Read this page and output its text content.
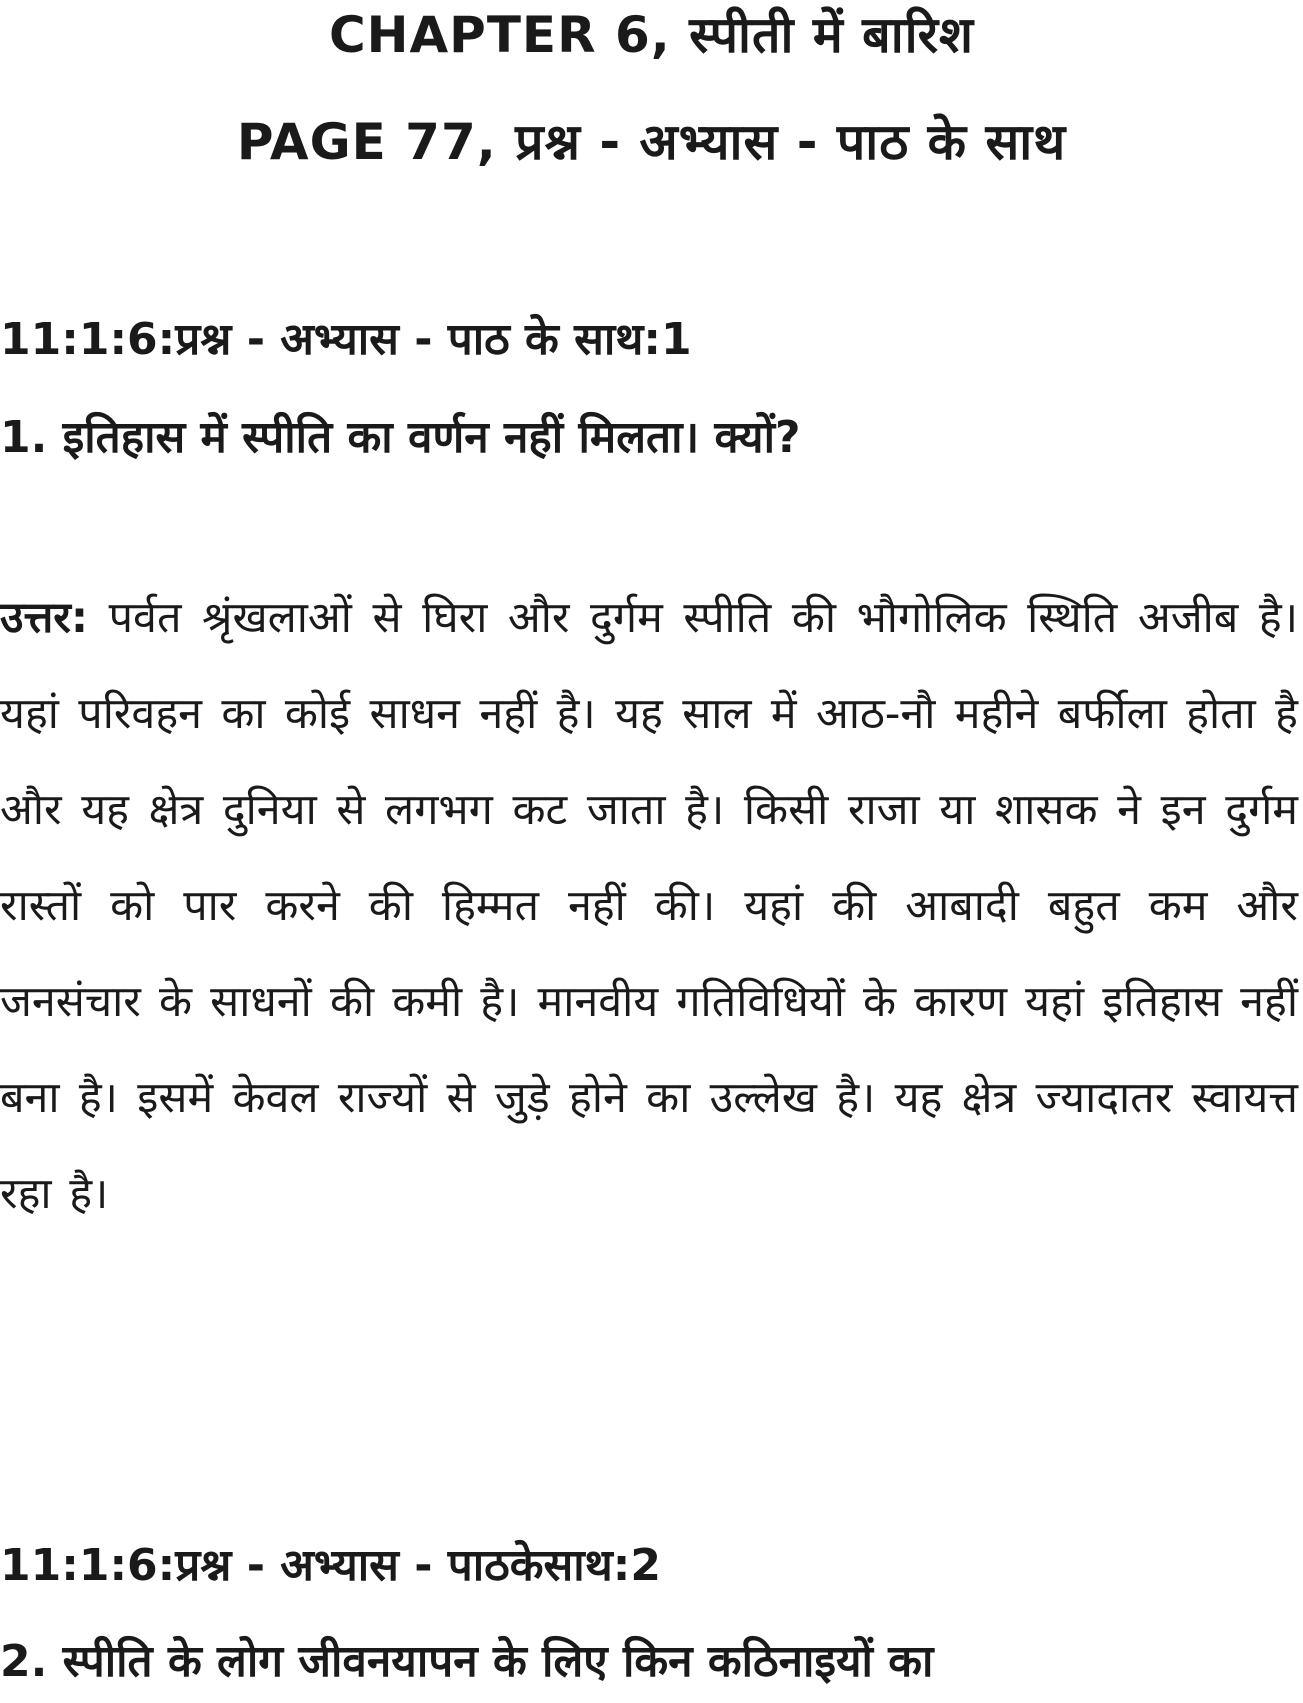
CHAPTER 6, स्पीती में बारिश
PAGE 77, प्रश्न - अभ्यास - पाठ के साथ
11:1:6:प्रश्न - अभ्यास - पाठ के साथ:1
1. इतिहास में स्पीति का वर्णन नहीं मिलता। क्यों?
उत्तर: पर्वत श्रृंखलाओं से घिरा और दुर्गम स्पीति की भौगोलिक स्थिति अजीब है। यहां परिवहन का कोई साधन नहीं है। यह साल में आठ-नौ महीने बर्फीला होता है और यह क्षेत्र दुनिया से लगभग कट जाता है। किसी राजा या शासक ने इन दुर्गम रास्तों को पार करने की हिम्मत नहीं की। यहां की आबादी बहुत कम और जनसंचार के साधनों की कमी है। मानवीय गतिविधियों के कारण यहां इतिहास नहीं बना है। इसमें केवल राज्यों से जुड़े होने का उल्लेख है। यह क्षेत्र ज्यादातर स्वायत्त रहा है।
11:1:6:प्रश्न - अभ्यास - पाठकेसाथ:2
2. स्पीति के लोग जीवनयापन के लिए किन कठिनाइयों का
